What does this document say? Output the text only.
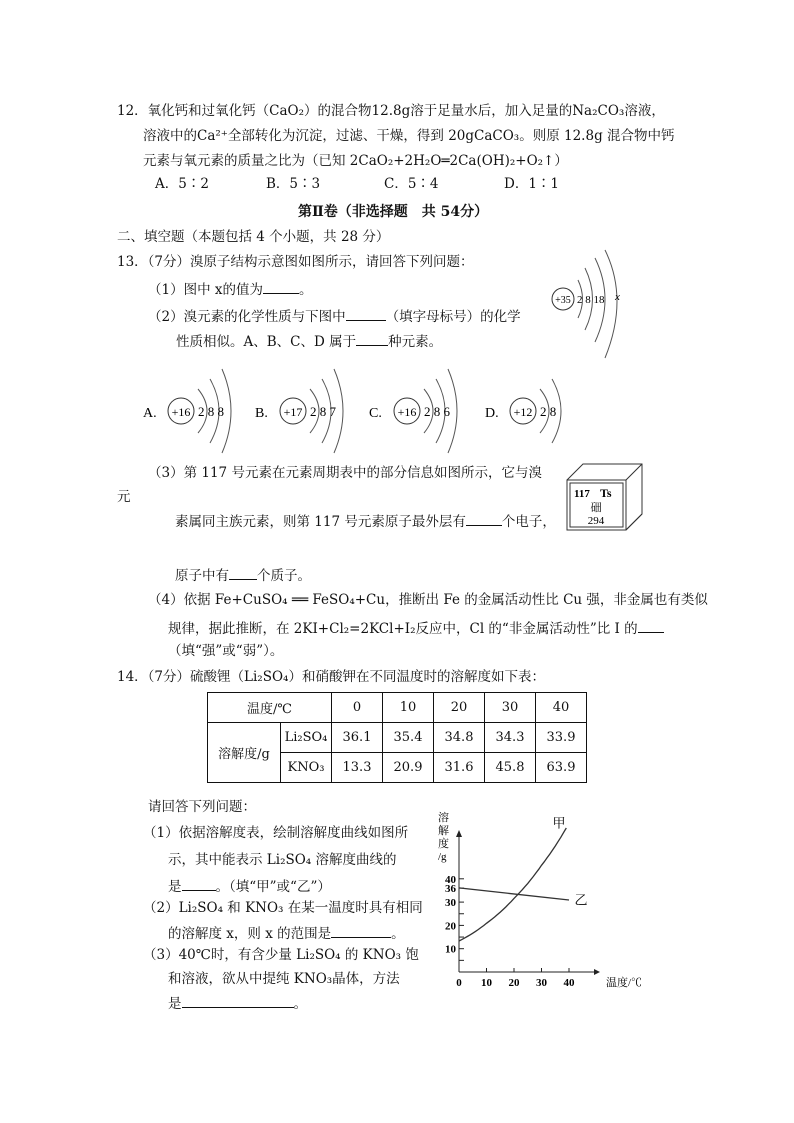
12．氧化钙和过氧化钙（CaO₂）的混合物12.8g溶于足量水后，加入足量的Na₂CO₃溶液，
溶液中的Ca²⁺全部转化为沉淀，过滤、干燥，得到 20gCaCO₃。则原 12.8g 混合物中钙
元素与氧元素的质量之比为（已知 2CaO₂+2H₂O═2Ca(OH)₂+O₂↑）
A．5∶2	B．5∶3	C．5∶4	D．1∶1
第Ⅱ卷（非选择题　共 54分）
二、填空题（本题包括 4 个小题，共 28 分）
13．（7分）溴原子结构示意图如图所示，请回答下列问题：
（1）图中 x的值为	。
（2）溴元素的化学性质与下图中	（填字母标号）的化学
性质相似。A、B、C、D 属于 种元素。
+35 2 8 18 x
A. +16 2 8 8 B. +17 2 8 7 C. +16 2 8 6	D. +12 2 8
（3）第 117 号元素在元素周期表中的部分信息如图所示，它与溴
元
素属同主族元素，则第 117 号元素原子最外层有	个电子，
原子中有 个质子。
117 Ts
鿬
294
（4）依据 Fe+CuSO₄ ══ FeSO₄+Cu，推断出 Fe 的金属活动性比 Cu 强，非金属也有类似
规律，据此推断，在 2KI+Cl₂=2KCl+I₂反应中，Cl 的“非金属活动性”比 I 的
（填“强”或“弱”）。
14．（7分）硫酸锂（Li₂SO₄）和硝酸钾在不同温度时的溶解度如下表：
温度/℃		0	10	20	30	40
溶解度/g	Li₂SO₄	36.1	35.4	34.8	34.3	33.9
	KNO₃	13.3	20.9	31.6	45.8	63.9
请回答下列问题：
（1）依据溶解度表，绘制溶解度曲线如图所
示，其中能表示 Li₂SO₄ 溶解度曲线的
是	。（填“甲”或“乙”）
（2）Li₂SO₄ 和 KNO₃ 在某一温度时具有相同
的溶解度 x，则 x 的范围是	。
（3）40℃时，有含少量 Li₂SO₄ 的 KNO₃ 饱
和溶液，欲从中提纯 KNO₃晶体，方法
是	。
溶
解
度
/g
温度/℃
0 10 20 30 40
10
20
30
36
40
甲
乙
